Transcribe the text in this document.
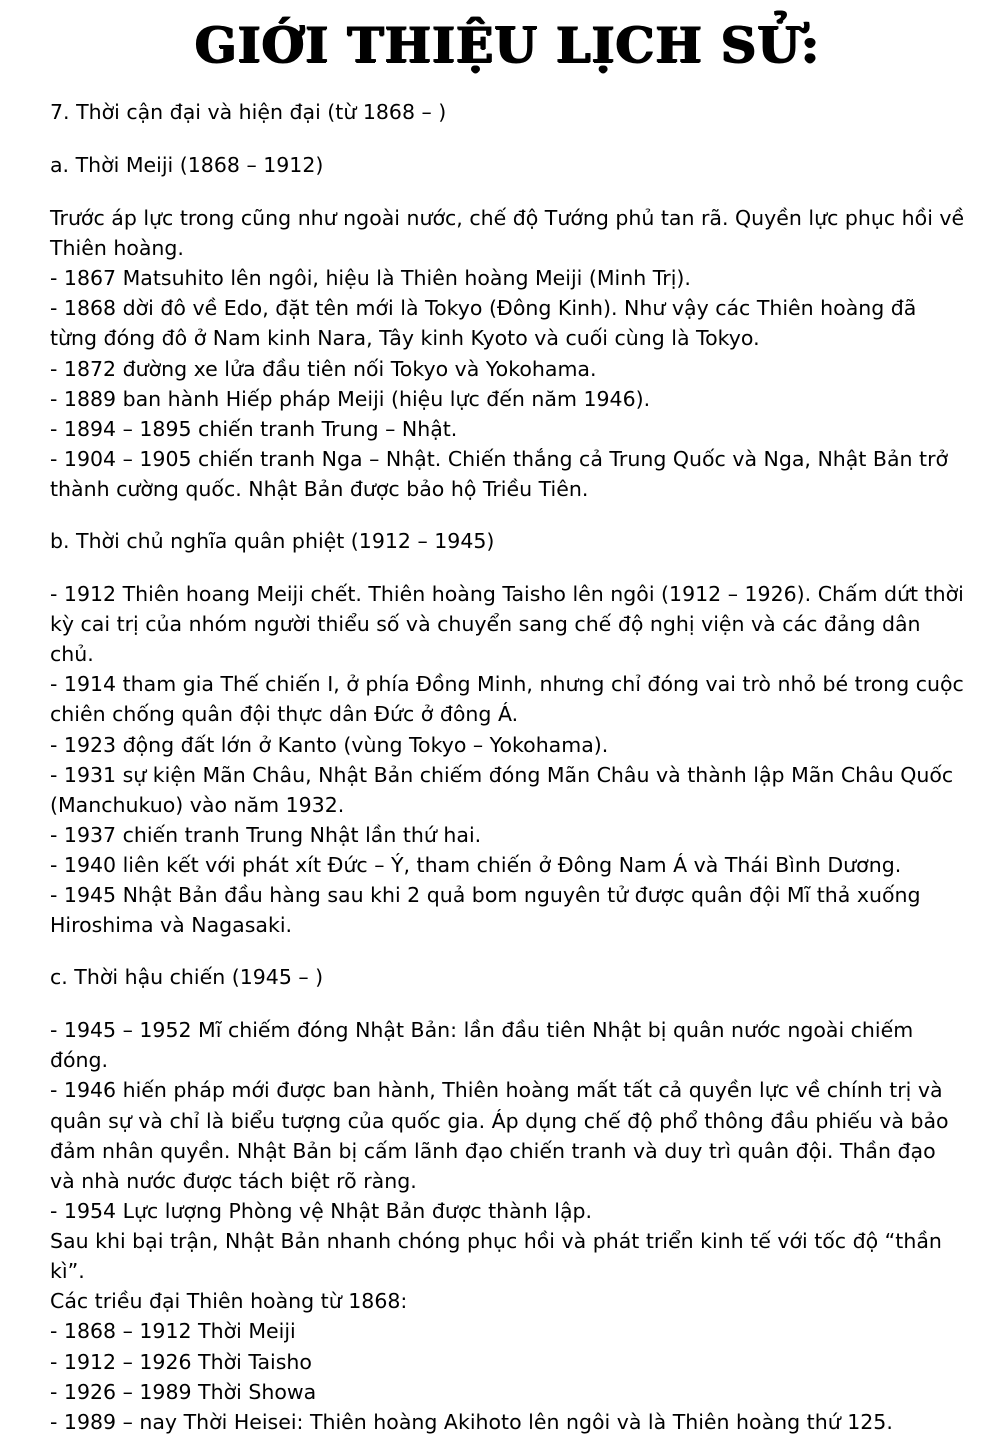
GIỚI THIỆU LỊCH SỬ:
7. Thời cận đại và hiện đại (từ 1868 – )
a. Thời Meiji (1868 – 1912)

Trước áp lực trong cũng như ngoài nước, chế độ Tướng phủ tan rã. Quyền lực phục hồi về Thiên hoàng.

- 1867 Matsuhito lên ngôi, hiệu là Thiên hoàng Meiji (Minh Trị).

- 1868 dời đô về Edo, đặt tên mới là Tokyo (Đông Kinh). Như vậy các Thiên hoàng đã từng đóng đô ở Nam kinh Nara, Tây kinh Kyoto và cuối cùng là Tokyo.

- 1872 đường xe lửa đầu tiên nối Tokyo và Yokohama.

- 1889 ban hành Hiếp pháp Meiji (hiệu lực đến năm 1946).

- 1894 – 1895 chiến tranh Trung – Nhật.

- 1904 – 1905 chiến tranh Nga – Nhật. Chiến thắng cả Trung Quốc và Nga, Nhật Bản trở thành cường quốc. Nhật Bản được bảo hộ Triều Tiên.

b. Thời chủ nghĩa quân phiệt (1912 – 1945)

- 1912 Thiên hoang Meiji chết. Thiên hoàng Taisho lên ngôi (1912 – 1926). Chấm dứt thời kỳ cai trị của nhóm người thiểu số và chuyển sang chế độ nghị viện và các đảng dân chủ.

- 1914 tham gia Thế chiến I, ở phía Đồng Minh, nhưng chỉ đóng vai trò nhỏ bé trong cuộc chiên chống quân đội thực dân Đức ở đông Á.

- 1923 động đất lớn ở Kanto (vùng Tokyo – Yokohama).

- 1931 sự kiện Mãn Châu, Nhật Bản chiếm đóng Mãn Châu và thành lập Mãn Châu Quốc (Manchukuo) vào năm 1932.

- 1937 chiến tranh Trung Nhật lần thứ hai.

- 1940 liên kết với phát xít Đức – Ý, tham chiến ở Đông Nam Á và Thái Bình Dương.

- 1945 Nhật Bản đầu hàng sau khi 2 quả bom nguyên tử được quân đội Mĩ thả xuống Hiroshima và Nagasaki.

c. Thời hậu chiến (1945 – )

- 1945 – 1952 Mĩ chiếm đóng Nhật Bản: lần đầu tiên Nhật bị quân nước ngoài chiếm đóng.

- 1946 hiến pháp mới được ban hành, Thiên hoàng mất tất cả quyền lực về chính trị và quân sự và chỉ là biểu tượng của quốc gia. Áp dụng chế độ phổ thông đầu phiếu và bảo đảm nhân quyền. Nhật Bản bị cấm lãnh đạo chiến tranh và duy trì quân đội. Thần đạo và nhà nước được tách biệt rõ ràng.

- 1954 Lực lượng Phòng vệ Nhật Bản được thành lập.

Sau khi bại trận, Nhật Bản nhanh chóng phục hồi và phát triển kinh tế với tốc độ “thần kì”.

Các triều đại Thiên hoàng từ 1868:

- 1868 – 1912 Thời Meiji

- 1912 – 1926 Thời Taisho

- 1926 – 1989 Thời Showa

- 1989 – nay Thời Heisei: Thiên hoàng Akihoto lên ngôi và là Thiên hoàng thứ 125.
